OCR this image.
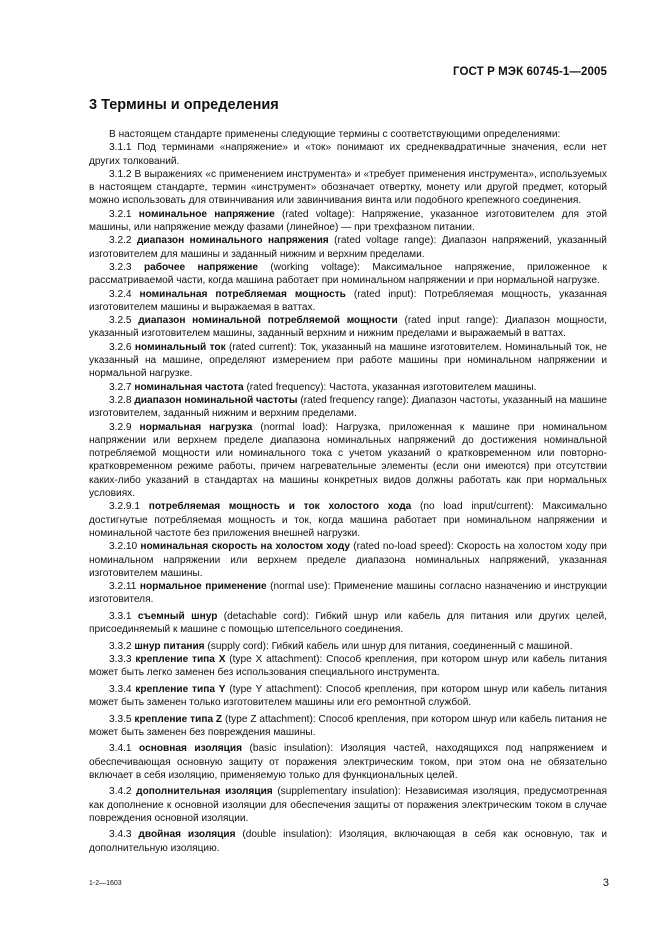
ГОСТ Р МЭК 60745-1—2005
3 Термины и определения

В настоящем стандарте применены следующие термины с соответствующими определениями:

3.1.1 Под терминами «напряжение» и «ток» понимают их среднеквадратичные значения, если нет других толкований.

3.1.2 В выражениях «с применением инструмента» и «требует применения инструмента», используемых в настоящем стандарте, термин «инструмент» обозначает отвертку, монету или другой предмет, который можно использовать для отвинчивания или завинчивания винта или подобного крепежного соединения.

3.2.1 номинальное напряжение (rated voltage): Напряжение, указанное изготовителем для этой машины, или напряжение между фазами (линейное) — при трехфазном питании.

3.2.2 диапазон номинального напряжения (rated voltage range): Диапазон напряжений, указанный изготовителем для машины и заданный нижним и верхним пределами.

3.2.3 рабочее напряжение (working voltage): Максимальное напряжение, приложенное к рассматриваемой части, когда машина работает при номинальном напряжении и при нормальной нагрузке.

3.2.4 номинальная потребляемая мощность (rated input): Потребляемая мощность, указанная изготовителем машины и выражаемая в ваттах.

3.2.5 диапазон номинальной потребляемой мощности (rated input range): Диапазон мощности, указанный изготовителем машины, заданный верхним и нижним пределами и выражаемый в ваттах.

3.2.6 номинальный ток (rated current): Ток, указанный на машине изготовителем. Номинальный ток, не указанный на машине, определяют измерением при работе машины при номинальном напряжении и нормальной нагрузке.

3.2.7 номинальная частота (rated frequency): Частота, указанная изготовителем машины.

3.2.8 диапазон номинальной частоты (rated frequency range): Диапазон частоты, указанный на машине изготовителем, заданный нижним и верхним пределами.

3.2.9 нормальная нагрузка (normal load): Нагрузка, приложенная к машине при номинальном напряжении или верхнем пределе диапазона номинальных напряжений до достижения номинальной потребляемой мощности или номинального тока с учетом указаний о кратковременном или повторно-кратковременном режиме работы, причем нагревательные элементы (если они имеются) при отсутствии каких-либо указаний в стандартах на машины конкретных видов должны работать как при нормальных условиях.

3.2.9.1 потребляемая мощность и ток холостого хода (no load input/current): Максимально достигнутые потребляемая мощность и ток, когда машина работает при номинальном напряжении и номинальной частоте без приложения внешней нагрузки.

3.2.10 номинальная скорость на холостом ходу (rated no-load speed): Скорость на холостом ходу при номинальном напряжении или верхнем пределе диапазона номинальных напряжений, указанная изготовителем машины.

3.2.11 нормальное применение (normal use): Применение машины согласно назначению и инструкции изготовителя.

3.3.1 съемный шнур (detachable cord): Гибкий шнур или кабель для питания или других целей, присоединяемый к машине с помощью штепсельного соединения.

3.3.2 шнур питания (supply cord): Гибкий кабель или шнур для питания, соединенный с машиной.

3.3.3 крепление типа X (type X attachment): Способ крепления, при котором шнур или кабель питания может быть легко заменен без использования специального инструмента.

3.3.4 крепление типа Y (type Y attachment): Способ крепления, при котором шнур или кабель питания может быть заменен только изготовителем машины или его ремонтной службой.

3.3.5 крепление типа Z (type Z attachment): Способ крепления, при котором шнур или кабель питания не может быть заменен без повреждения машины.

3.4.1 основная изоляция (basic insulation): Изоляция частей, находящихся под напряжением и обеспечивающая основную защиту от поражения электрическим током, при этом она не обязательно включает в себя изоляцию, применяемую только для функциональных целей.

3.4.2 дополнительная изоляция (supplementary insulation): Независимая изоляция, предусмотренная как дополнение к основной изоляции для обеспечения защиты от поражения электрическим током в случае повреждения основной изоляции.

3.4.3 двойная изоляция (double insulation): Изоляция, включающая в себя как основную, так и дополнительную изоляцию.

1-2—1603	3
